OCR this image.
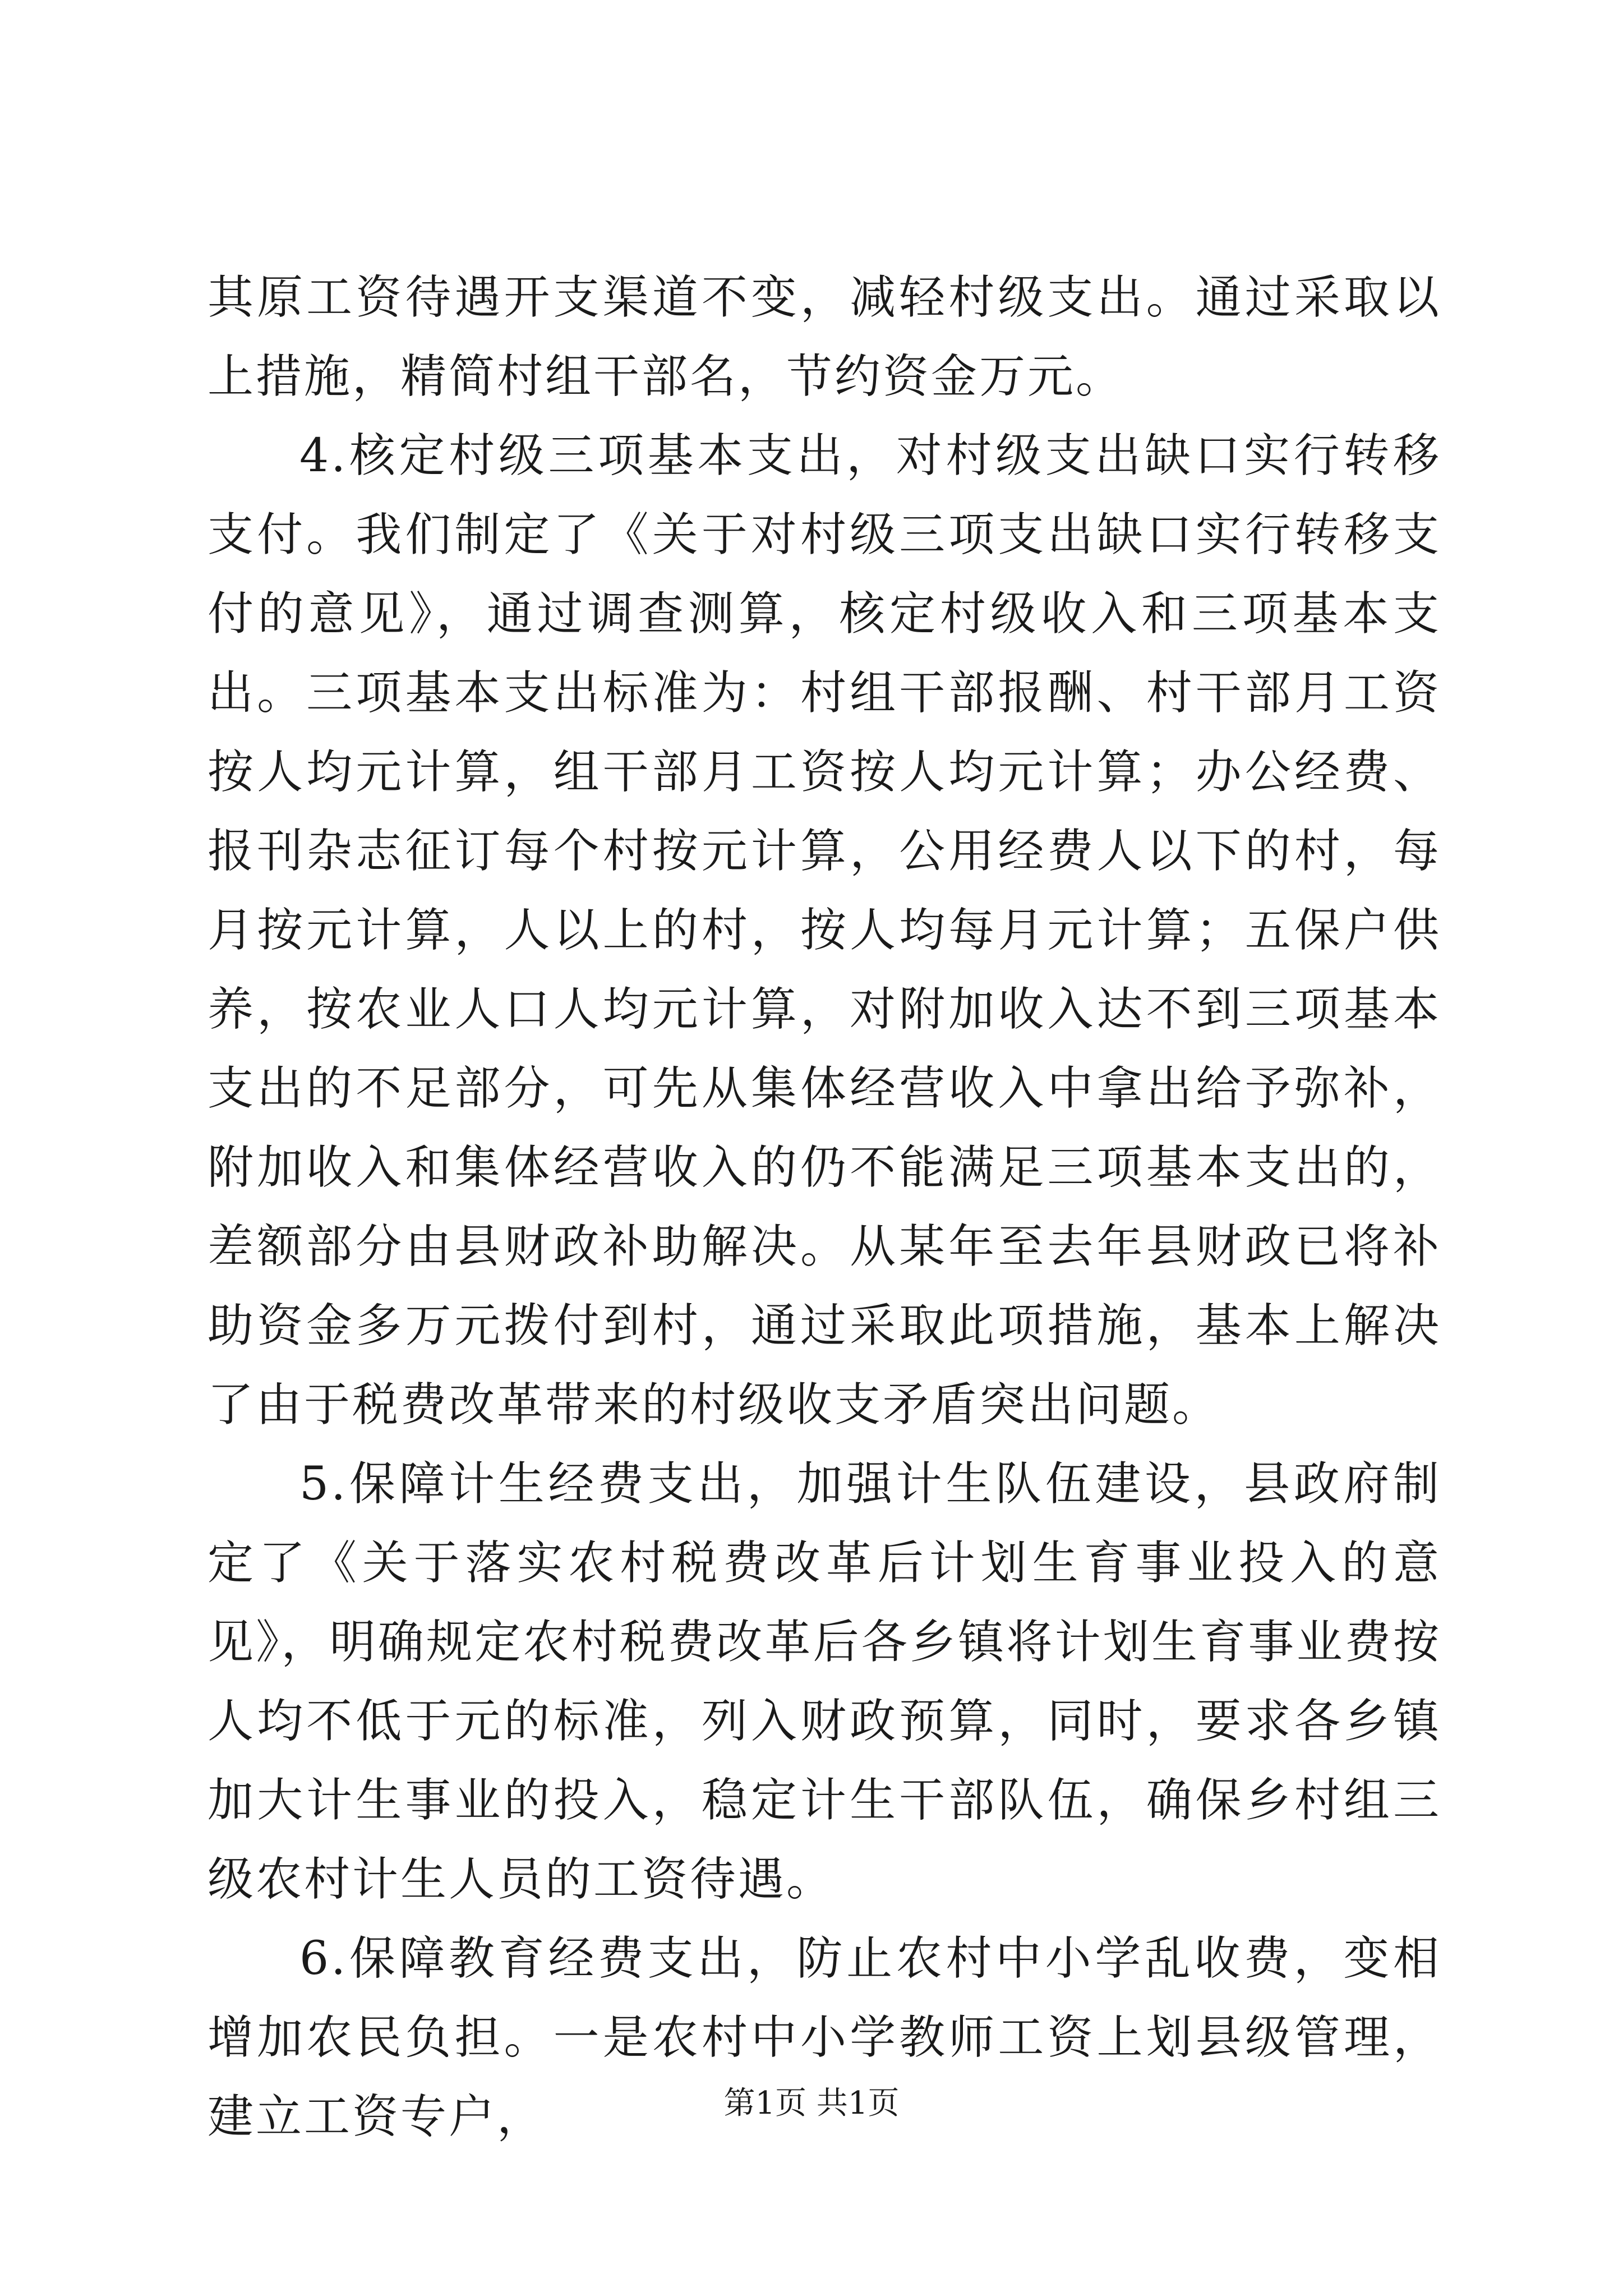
其原工资待遇开支渠道不变，减轻村级支出。通过采取以上措施，精简村组干部名，节约资金万元。

4.核定村级三项基本支出，对村级支出缺口实行转移支付。我们制定了《关于对村级三项支出缺口实行转移支付的意见》，通过调查测算，核定村级收入和三项基本支出。三项基本支出标准为：村组干部报酬、村干部月工资按人均元计算，组干部月工资按人均元计算；办公经费、报刊杂志征订每个村按元计算，公用经费人以下的村，每月按元计算，人以上的村，按人均每月元计算；五保户供养，按农业人口人均元计算，对附加收入达不到三项基本支出的不足部分，可先从集体经营收入中拿出给予弥补，附加收入和集体经营收入的仍不能满足三项基本支出的，差额部分由县财政补助解决。从某年至去年县财政已将补助资金多万元拨付到村，通过采取此项措施，基本上解决了由于税费改革带来的村级收支矛盾突出问题。

5.保障计生经费支出，加强计生队伍建设，县政府制定了《关于落实农村税费改革后计划生育事业投入的意见》，明确规定农村税费改革后各乡镇将计划生育事业费按人均不低于元的标准，列入财政预算，同时，要求各乡镇加大计生事业的投入，稳定计生干部队伍，确保乡村组三级农村计生人员的工资待遇。

6.保障教育经费支出，防止农村中小学乱收费，变相增加农民负担。一是农村中小学教师工资上划县级管理，建立工资专户，	第1页 共1页
